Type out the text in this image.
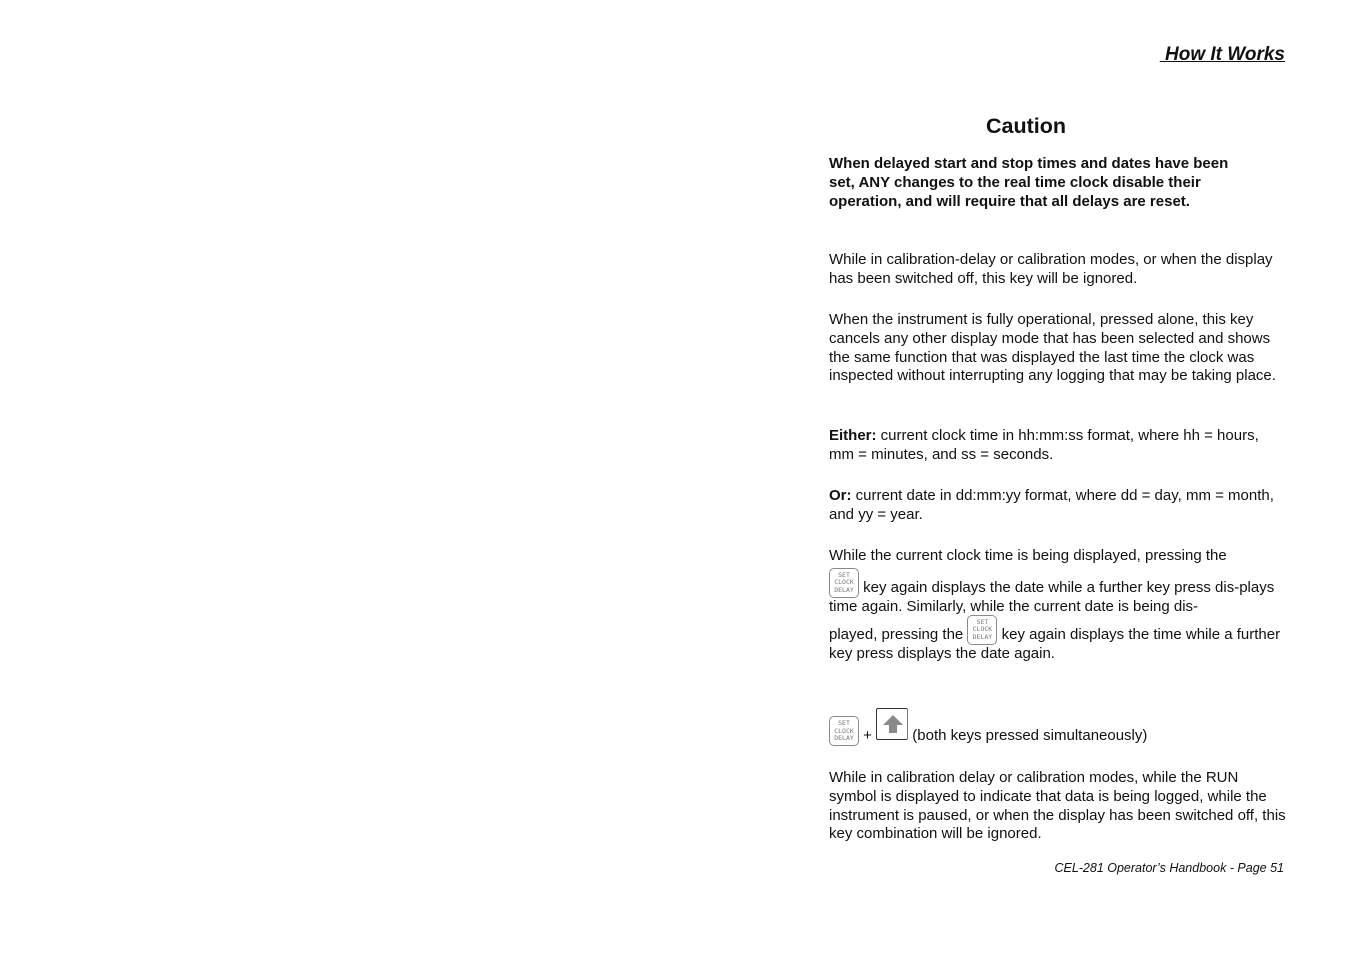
How It Works
Caution
When delayed start and stop times and dates have been set, ANY changes to the real time clock disable their operation, and will require that all delays are reset.
While in calibration-delay or calibration modes, or when the display has been switched off, this key will be ignored.
When the instrument is fully operational, pressed alone, this key cancels any other display mode that has been selected and shows the same function that was displayed the last time the clock was inspected without interrupting any logging that may be taking place.
Either: current clock time in hh:mm:ss format, where hh = hours, mm = minutes, and ss = seconds.
Or: current date in dd:mm:yy format, where dd = day, mm = month, and yy = year.
While the current clock time is being displayed, pressing the
SET
CLOCK
DELAY key again displays the date while a further key press dis-plays time again. Similarly, while the current date is being dis-
played, pressing the
SET
CLOCK
DELAY key again displays the time while a further key press displays the date again.
SET
CLOCK
DELAY +
(both keys pressed simultaneously)
While in calibration delay or calibration modes, while the RUN symbol is displayed to indicate that data is being logged, while the instrument is paused, or when the display has been switched off, this key combination will be ignored.
CEL-281 Operator’s Handbook - Page 51
